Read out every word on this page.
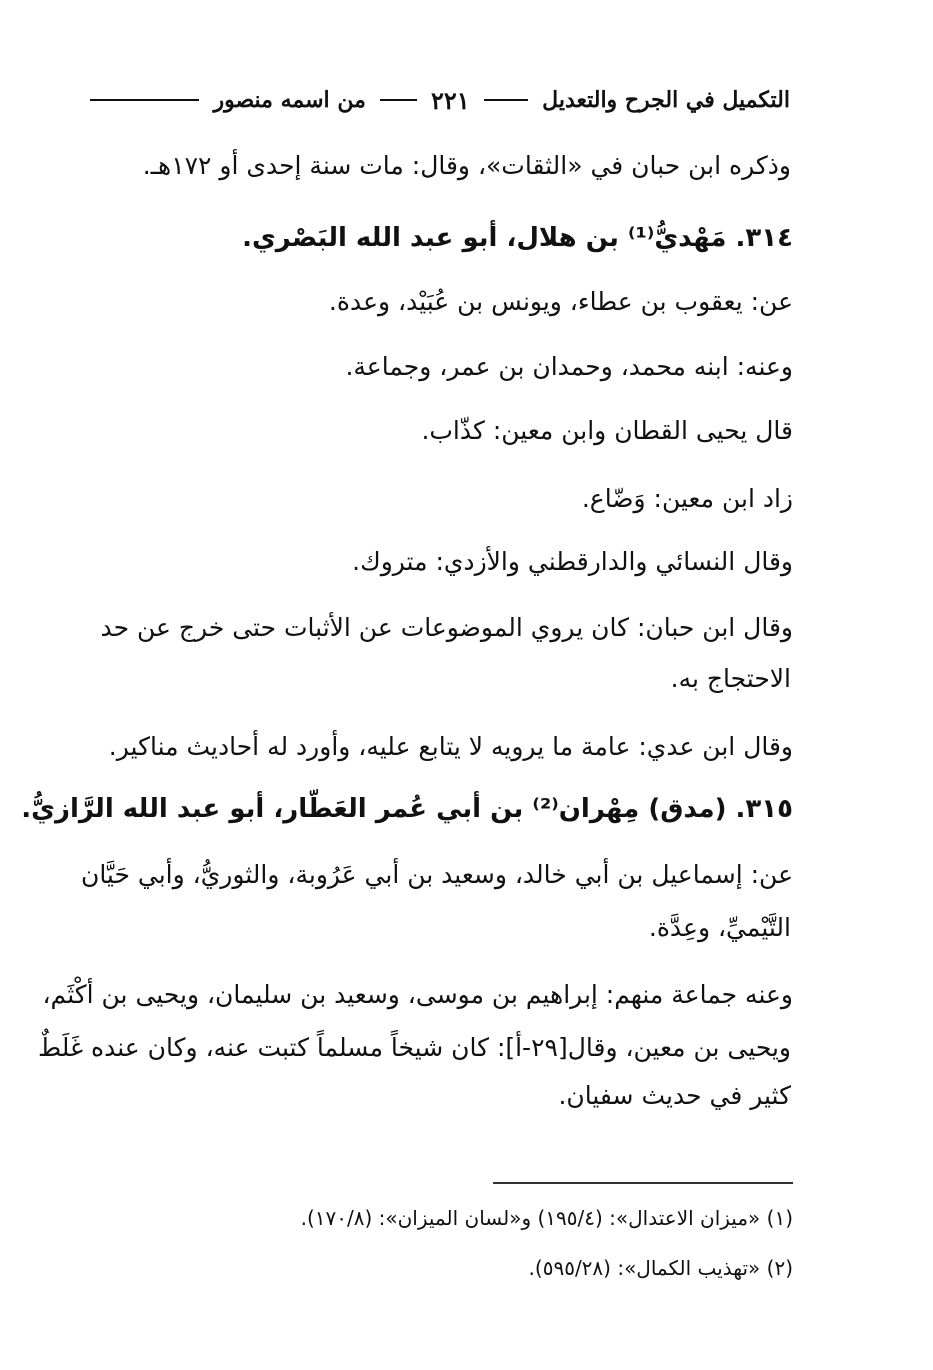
التكميل في الجرح والتعديل
٢٢١
من اسمه منصور
وذكره ابن حبان في «الثقات»، وقال: مات سنة إحدى أو ١٧٢هـ.
٣١٤. مَهْديُّ⁽¹⁾ بن هلال، أبو عبد الله البَصْري.
عن: يعقوب بن عطاء، ويونس بن عُبَيْد، وعدة.
وعنه: ابنه محمد، وحمدان بن عمر، وجماعة.
قال يحيى القطان وابن معين: كذّاب.
زاد ابن معين: وَضّاع.
وقال النسائي والدارقطني والأزدي: متروك.
وقال ابن حبان: كان يروي الموضوعات عن الأثبات حتى خرج عن حد
الاحتجاج به.
وقال ابن عدي: عامة ما يرويه لا يتابع عليه، وأورد له أحاديث مناكير.
٣١٥. (مدق) مِهْران⁽²⁾ بن أبي عُمر العَطّار، أبو عبد الله الرَّازيُّ.
عن: إسماعيل بن أبي خالد، وسعيد بن أبي عَرُوبة، والثوريُّ، وأبي حَيَّان
التَّيْميِّ، وعِدَّة.
وعنه جماعة منهم: إبراهيم بن موسى، وسعيد بن سليمان، ويحيى بن أكْثَم،
ويحيى بن معين، وقال[٢٩-أ]: كان شيخاً مسلماً كتبت عنه، وكان عنده غَلَطٌ
كثير في حديث سفيان.
(١) «ميزان الاعتدال»: (١٩٥/٤) و«لسان الميزان»: (١٧٠/٨).
(٢) «تهذيب الكمال»: (٥٩٥/٢٨).
